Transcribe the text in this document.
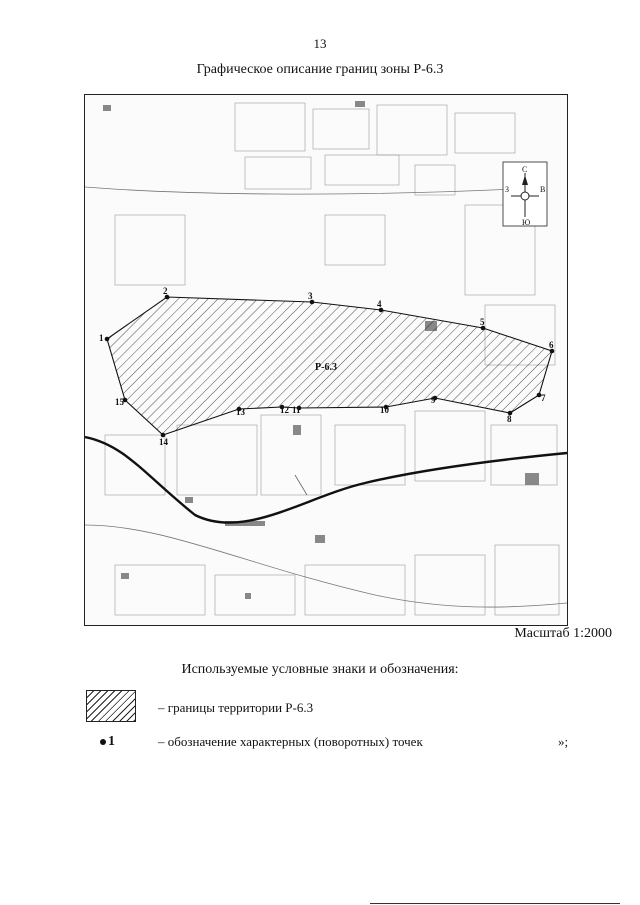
13
Графическое описание границ зоны Р-6.3
1
2	3
4
5
6
7
8
9
10
11
12
13
14
15
Р-6.3
С
Ю
З	В
Масштаб 1:2000
Используемые условные знаки и обозначения:
– границы территории Р-6.3
1	– обозначение характерных (поворотных) точек	»;
